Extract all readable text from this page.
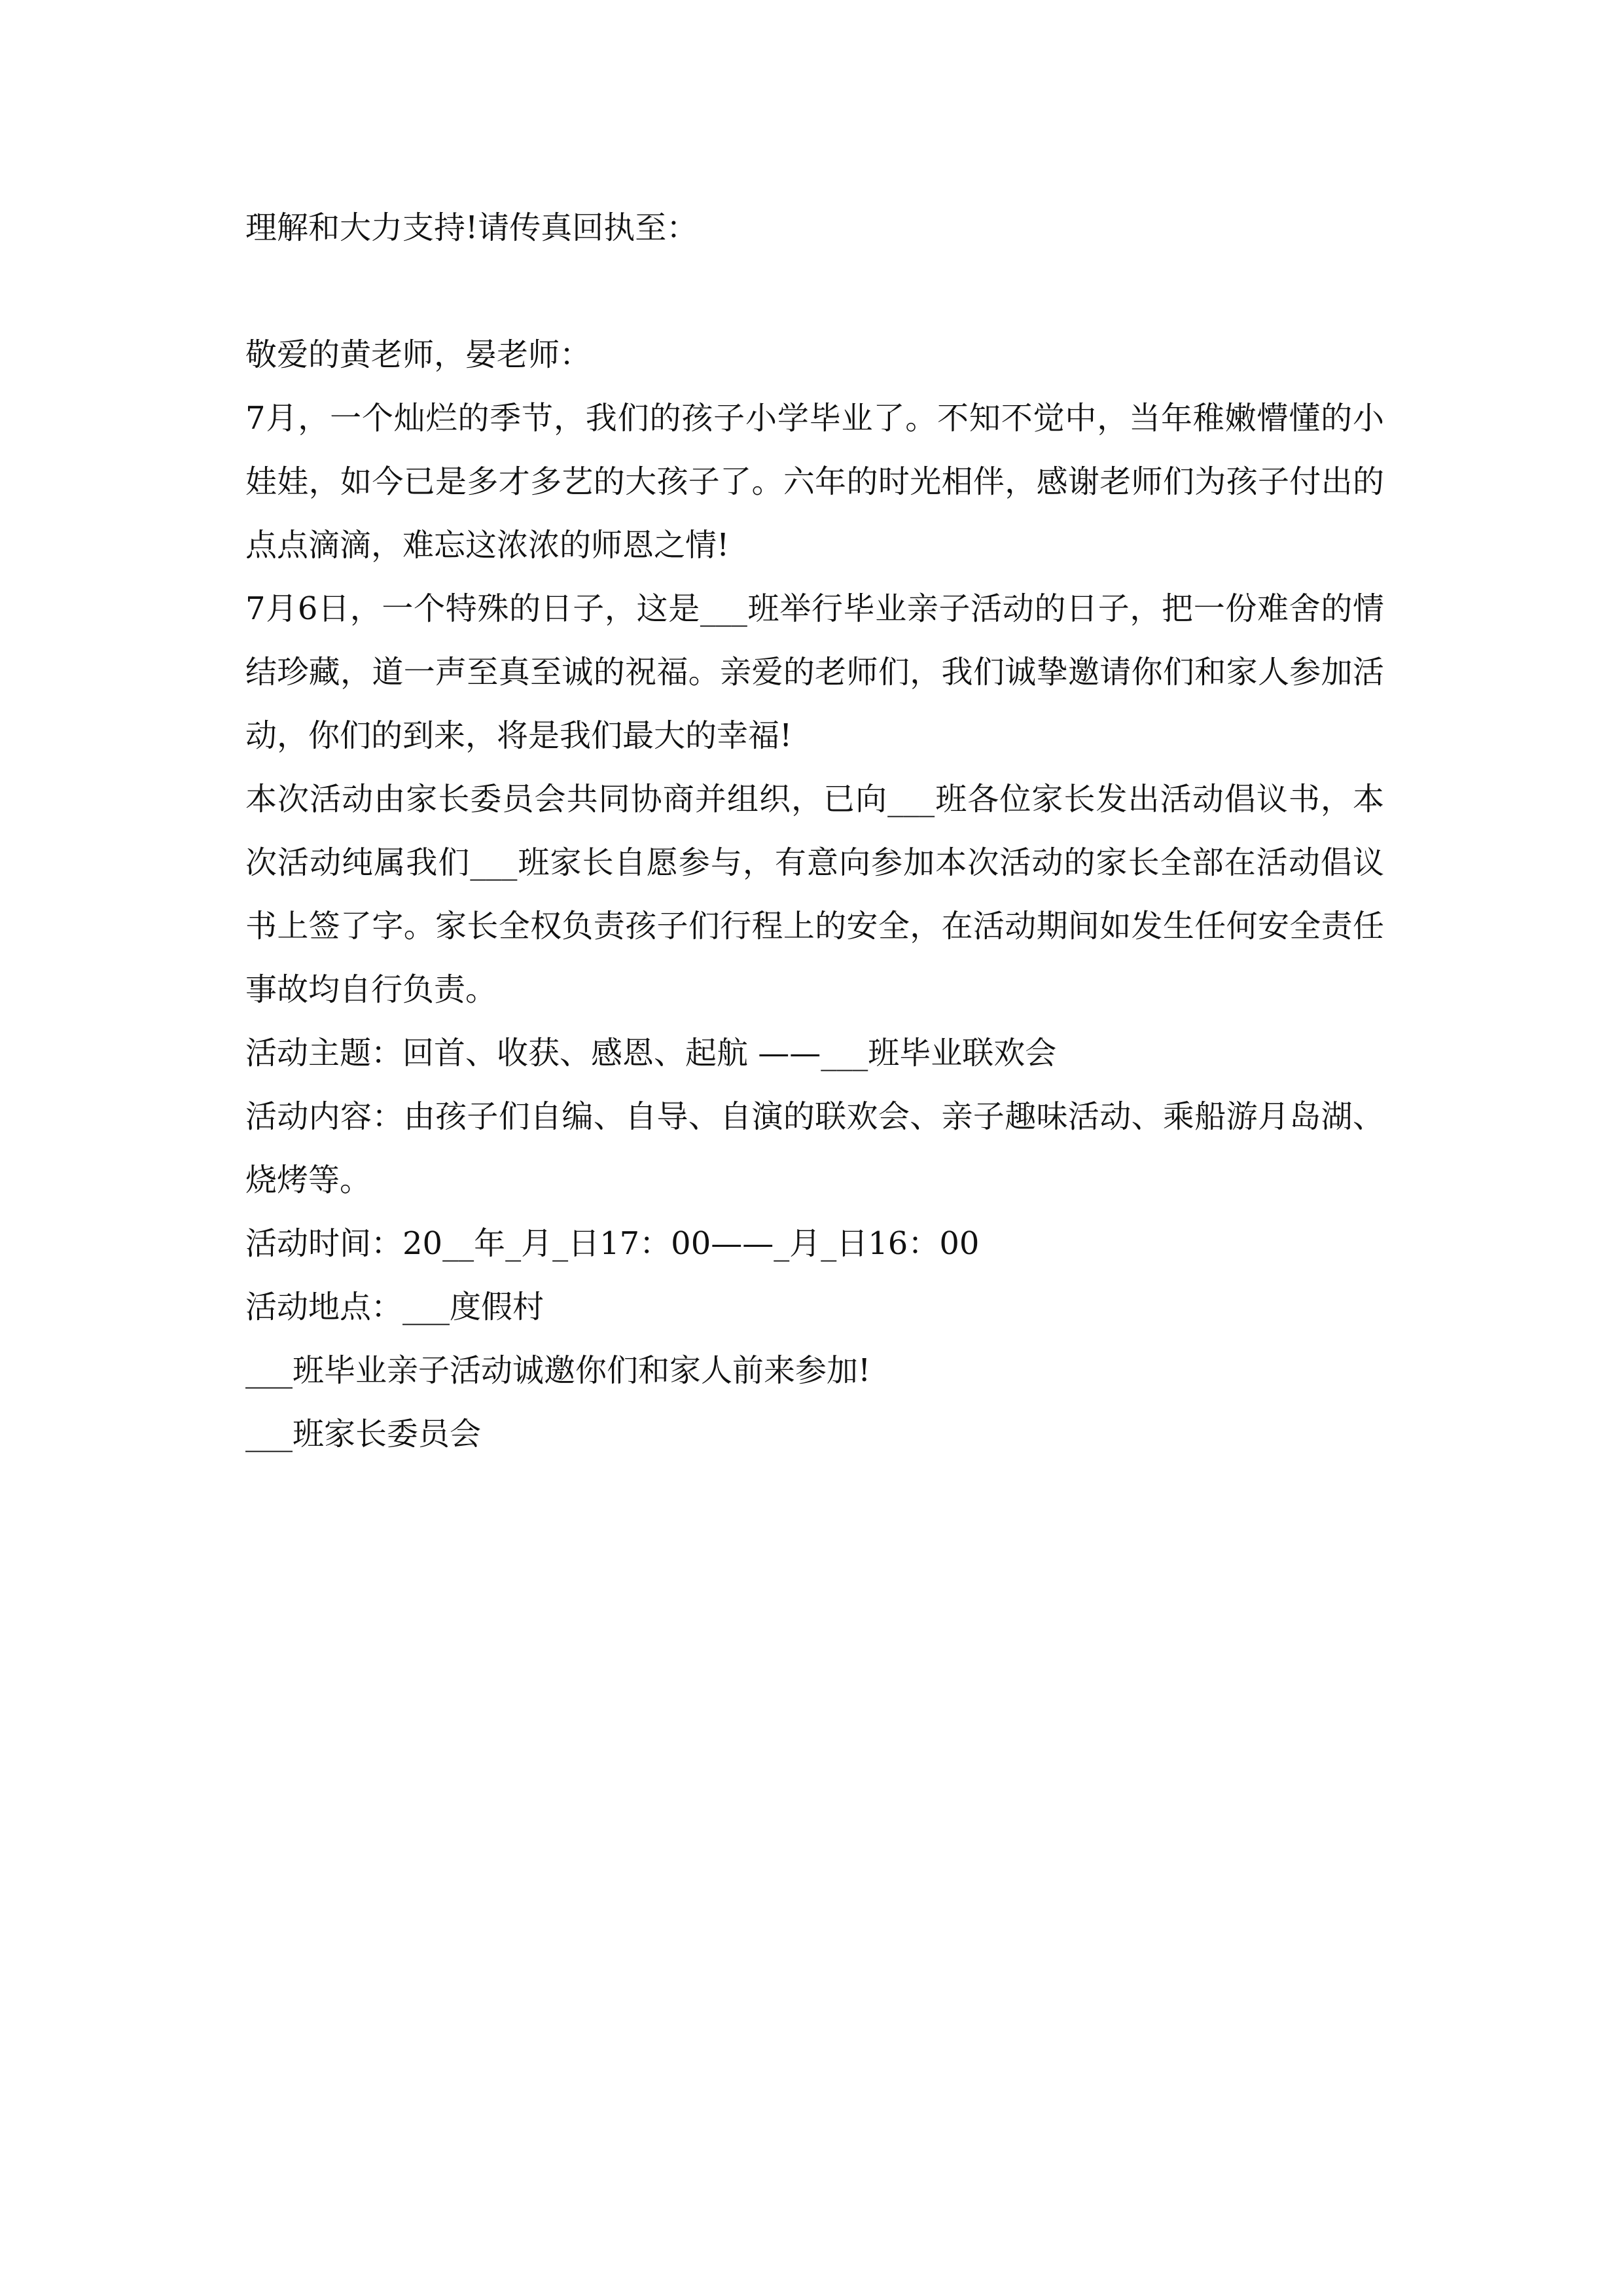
理解和大力支持!请传真回执至：

敬爱的黄老师，晏老师：

7月，一个灿烂的季节，我们的孩子小学毕业了。不知不觉中，当年稚嫩懵懂的小娃娃，如今已是多才多艺的大孩子了。六年的时光相伴，感谢老师们为孩子付出的点点滴滴，难忘这浓浓的师恩之情!

7月6日，一个特殊的日子，这是___班举行毕业亲子活动的日子，把一份难舍的情结珍藏，道一声至真至诚的祝福。亲爱的老师们，我们诚挚邀请你们和家人参加活动，你们的到来，将是我们最大的幸福!

本次活动由家长委员会共同协商并组织，已向___班各位家长发出活动倡议书，本次活动纯属我们___班家长自愿参与，有意向参加本次活动的家长全部在活动倡议书上签了字。家长全权负责孩子们行程上的安全，在活动期间如发生任何安全责任事故均自行负责。

活动主题：回首、收获、感恩、起航 ——___班毕业联欢会

活动内容：由孩子们自编、自导、自演的联欢会、亲子趣味活动、乘船游月岛湖、烧烤等。

活动时间：20__年_月_日17：00——_月_日16：00

活动地点：___度假村

___班毕业亲子活动诚邀你们和家人前来参加!

___班家长委员会
